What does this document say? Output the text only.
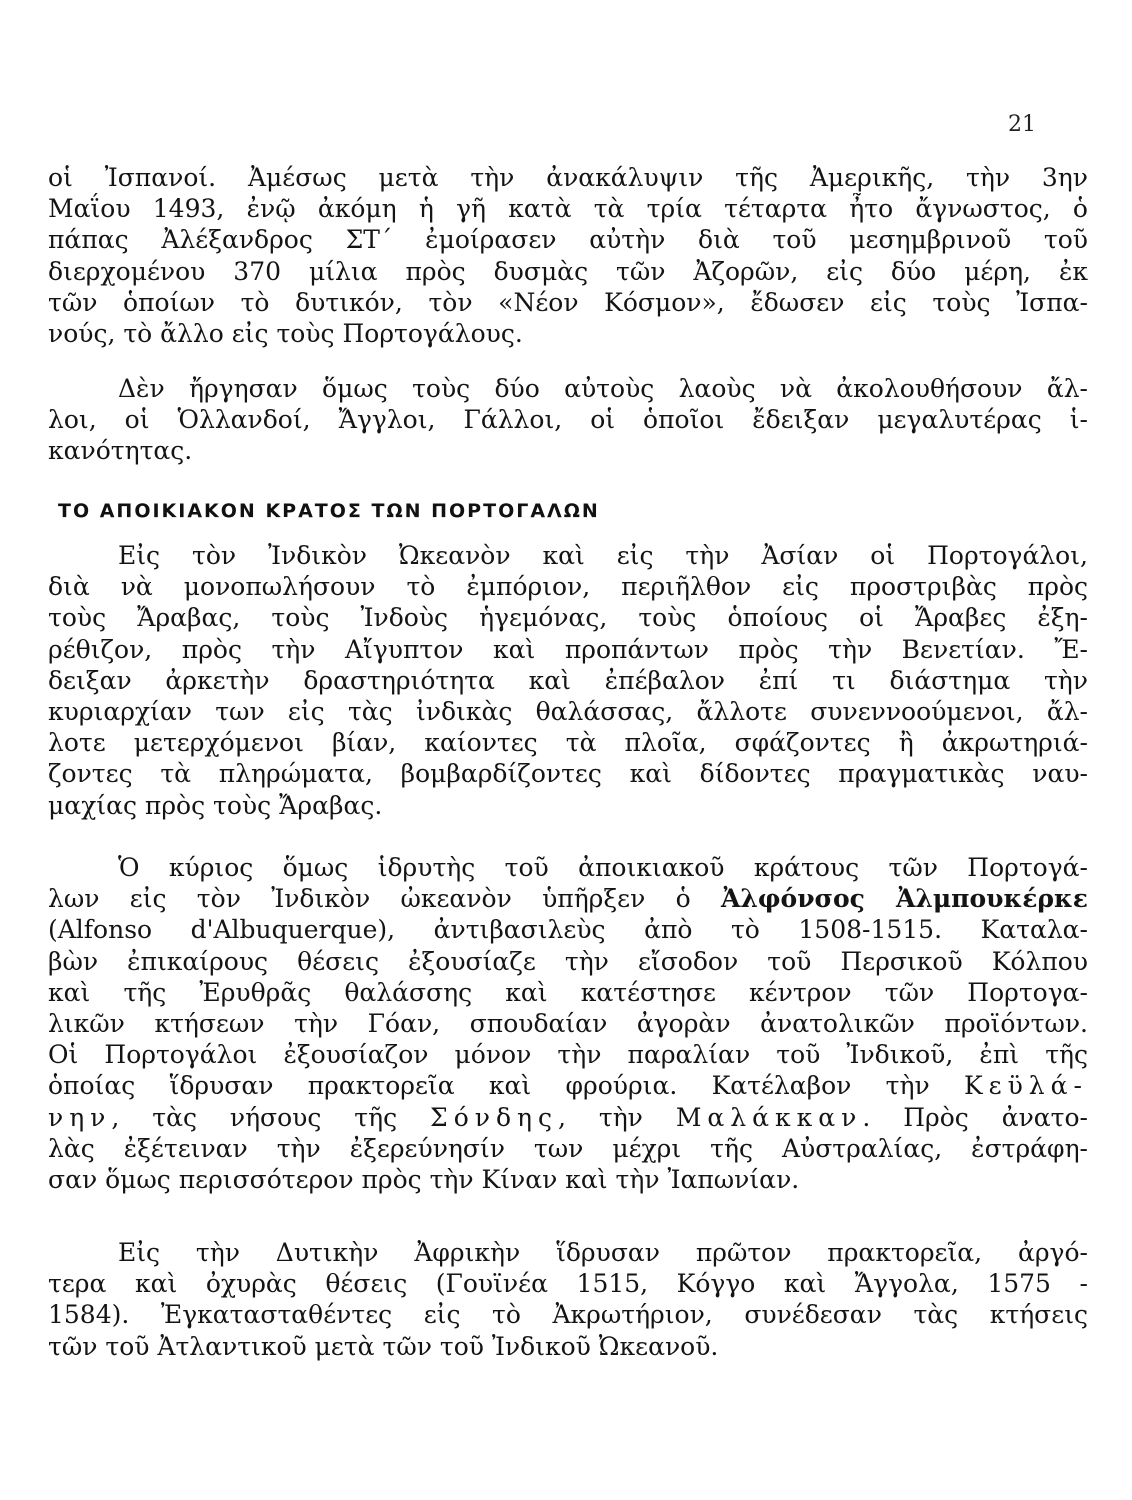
21
οἱ Ἰσπανοί. Ἀμέσως μετὰ τὴν ἀνακάλυψιν τῆς Ἀμερικῆς, τὴν 3ην
Μαΐου 1493, ἐνῷ ἀκόμη ἡ γῆ κατὰ τὰ τρία τέταρτα ἦτο ἄγνωστος, ὁ
πάπας Ἀλέξανδρος ΣΤ΄ ἐμοίρασεν αὐτὴν διὰ τοῦ μεσημβρινοῦ τοῦ
διερχομένου 370 μίλια πρὸς δυσμὰς τῶν Ἀζορῶν, εἰς δύο μέρη, ἐκ
τῶν ὁποίων τὸ δυτικόν, τὸν «Νέον Κόσμον», ἔδωσεν εἰς τοὺς Ἰσπα-
νούς, τὸ ἄλλο εἰς τοὺς Πορτογάλους.
Δὲν ἤργησαν ὅμως τοὺς δύο αὐτοὺς λαοὺς νὰ ἀκολουθήσουν ἄλ-
λοι, οἱ Ὁλλανδοί, Ἄγγλοι, Γάλλοι, οἱ ὁποῖοι ἔδειξαν μεγαλυτέρας ἱ-
κανότητας.
ΤΟ ΑΠΟΙΚΙΑΚΟΝ ΚΡΑΤΟΣ ΤΩΝ ΠΟΡΤΟΓΑΛΩΝ
Εἰς τὸν Ἰνδικὸν Ὠκεανὸν καὶ εἰς τὴν Ἀσίαν οἱ Πορτογάλοι,
διὰ νὰ μονοπωλήσουν τὸ ἐμπόριον, περιῆλθον εἰς προστριβὰς πρὸς
τοὺς Ἄραβας, τοὺς Ἰνδοὺς ἡγεμόνας, τοὺς ὁποίους οἱ Ἄραβες ἐξη-
ρέθιζον, πρὸς τὴν Αἴγυπτον καὶ προπάντων πρὸς τὴν Βενετίαν. Ἔ-
δειξαν ἀρκετὴν δραστηριότητα καὶ ἐπέβαλον ἐπί τι διάστημα τὴν
κυριαρχίαν των εἰς τὰς ἰνδικὰς θαλάσσας, ἄλλοτε συνεννοούμενοι, ἄλ-
λοτε μετερχόμενοι βίαν, καίοντες τὰ πλοῖα, σφάζοντες ἢ ἀκρωτηριά-
ζοντες τὰ πληρώματα, βομβαρδίζοντες καὶ δίδοντες πραγματικὰς ναυ-
μαχίας πρὸς τοὺς Ἄραβας.
Ὁ κύριος ὅμως ἱδρυτὴς τοῦ ἀποικιακοῦ κράτους τῶν Πορτογά-
λων εἰς τὸν Ἰνδικὸν ὠκεανὸν ὑπῆρξεν ὁ Ἀλφόνσος Ἀλμπουκέρκε
(Alfonso d'Albuquerque), ἀντιβασιλεὺς ἀπὸ τὸ 1508-1515. Καταλα-
βὼν ἐπικαίρους θέσεις ἐξουσίαζε τὴν εἴσοδον τοῦ Περσικοῦ Κόλπου
καὶ τῆς Ἐρυθρᾶς θαλάσσης καὶ κατέστησε κέντρον τῶν Πορτογα-
λικῶν κτήσεων τὴν Γόαν, σπουδαίαν ἀγορὰν ἀνατολικῶν προϊόντων.
Οἱ Πορτογάλοι ἐξουσίαζον μόνον τὴν παραλίαν τοῦ Ἰνδικοῦ, ἐπὶ τῆς
ὁποίας ἵδρυσαν πρακτορεῖα καὶ φρούρια. Κατέλαβον τὴν Κεϋλά-
νην, τὰς νήσους τῆς Σόνδης, τὴν Μαλάκκαν. Πρὸς ἀνατο-
λὰς ἐξέτειναν τὴν ἐξερεύνησίν των μέχρι τῆς Αὐστραλίας, ἐστράφη-
σαν ὅμως περισσότερον πρὸς τὴν Κίναν καὶ τὴν Ἰαπωνίαν.
Εἰς τὴν Δυτικὴν Ἀφρικὴν ἵδρυσαν πρῶτον πρακτορεῖα, ἀργό-
τερα καὶ ὀχυρὰς θέσεις (Γουϊνέα 1515, Κόγγο καὶ Ἄγγολα, 1575 -
1584). Ἐγκατασταθέντες εἰς τὸ Ἀκρωτήριον, συνέδεσαν τὰς κτήσεις
τῶν τοῦ Ἀτλαντικοῦ μετὰ τῶν τοῦ Ἰνδικοῦ Ὠκεανοῦ.
